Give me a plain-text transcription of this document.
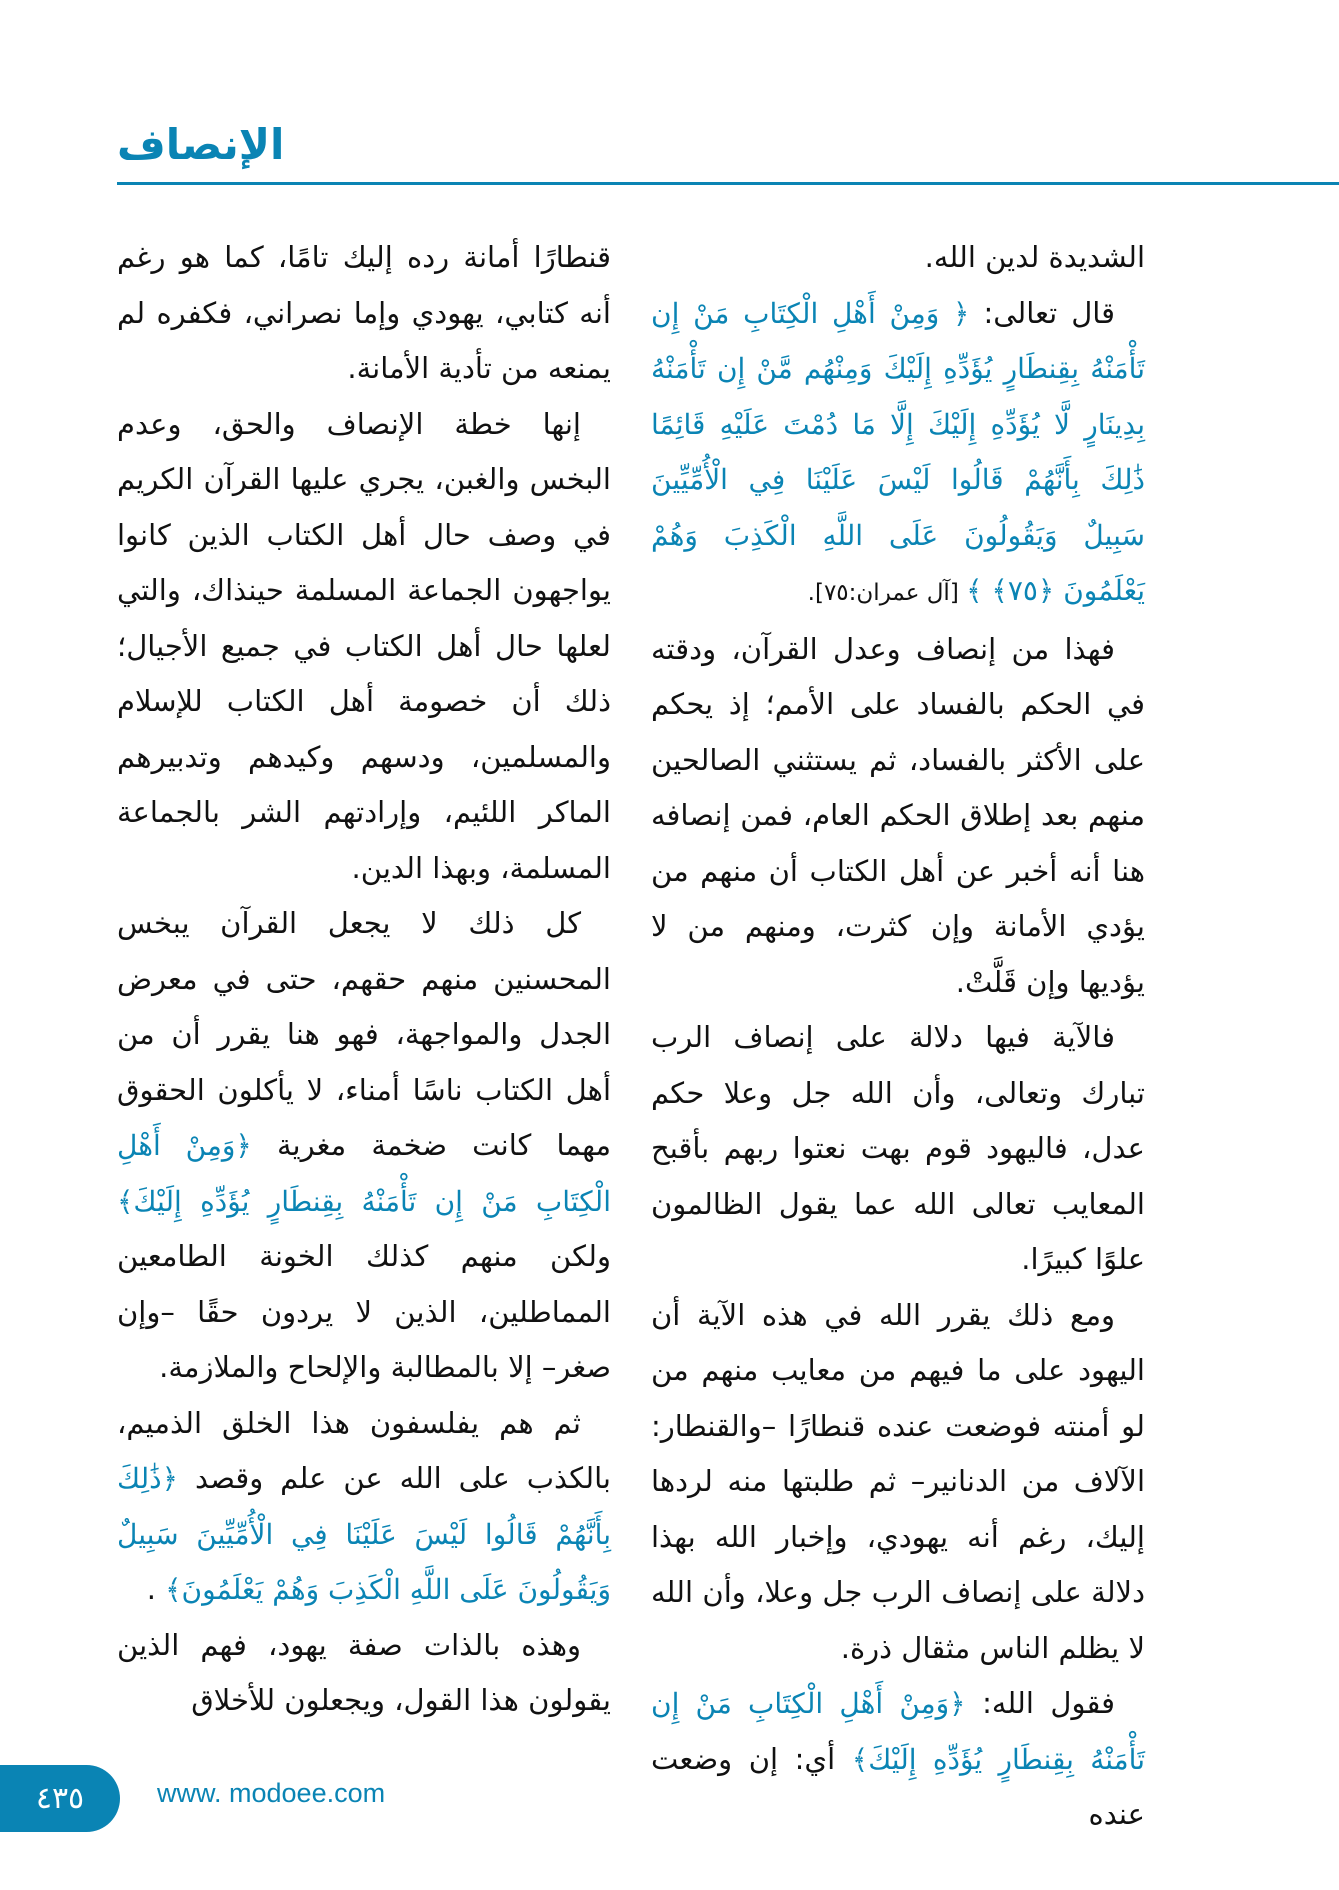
الإنصاف

الشديدة لدين الله.

قال تعالى: ﴿ وَمِنْ أَهْلِ الْكِتَابِ مَنْ إِن تَأْمَنْهُ بِقِنطَارٍ يُؤَدِّهِ إِلَيْكَ وَمِنْهُم مَّنْ إِن تَأْمَنْهُ بِدِينَارٍ لَّا يُؤَدِّهِ إِلَيْكَ إِلَّا مَا دُمْتَ عَلَيْهِ قَائِمًا ذَٰلِكَ بِأَنَّهُمْ قَالُوا لَيْسَ عَلَيْنَا فِي الْأُمِّيِّينَ سَبِيلٌ وَيَقُولُونَ عَلَى اللَّهِ الْكَذِبَ وَهُمْ يَعْلَمُونَ ﴿٧٥﴾ ﴾ [آل عمران:٧٥].

فهذا من إنصاف وعدل القرآن، ودقته في الحكم بالفساد على الأمم؛ إذ يحكم على الأكثر بالفساد، ثم يستثني الصالحين منهم بعد إطلاق الحكم العام، فمن إنصافه هنا أنه أخبر عن أهل الكتاب أن منهم من يؤدي الأمانة وإن كثرت، ومنهم من لا يؤديها وإن قَلَّتْ.

فالآية فيها دلالة على إنصاف الرب تبارك وتعالى، وأن الله جل وعلا حكم عدل، فاليهود قوم بهت نعتوا ربهم بأقبح المعايب تعالى الله عما يقول الظالمون علوًا كبيرًا.

ومع ذلك يقرر الله في هذه الآية أن اليهود على ما فيهم من معايب منهم من لو أمنته فوضعت عنده قنطارًا –والقنطار: الآلاف من الدنانير– ثم طلبتها منه لردها إليك، رغم أنه يهودي، وإخبار الله بهذا دلالة على إنصاف الرب جل وعلا، وأن الله لا يظلم الناس مثقال ذرة.

فقول الله: ﴿وَمِنْ أَهْلِ الْكِتَابِ مَنْ إِن تَأْمَنْهُ بِقِنطَارٍ يُؤَدِّهِ إِلَيْكَ﴾ أي: إن وضعت عنده

قنطارًا أمانة رده إليك تامًا، كما هو رغم أنه كتابي، يهودي وإما نصراني، فكفره لم يمنعه من تأدية الأمانة.

إنها خطة الإنصاف والحق، وعدم البخس والغبن، يجري عليها القرآن الكريم في وصف حال أهل الكتاب الذين كانوا يواجهون الجماعة المسلمة حينذاك، والتي لعلها حال أهل الكتاب في جميع الأجيال؛ ذلك أن خصومة أهل الكتاب للإسلام والمسلمين، ودسهم وكيدهم وتدبيرهم الماكر اللئيم، وإرادتهم الشر بالجماعة المسلمة، وبهذا الدين.

كل ذلك لا يجعل القرآن يبخس المحسنين منهم حقهم، حتى في معرض الجدل والمواجهة، فهو هنا يقرر أن من أهل الكتاب ناسًا أمناء، لا يأكلون الحقوق مهما كانت ضخمة مغرية ﴿وَمِنْ أَهْلِ الْكِتَابِ مَنْ إِن تَأْمَنْهُ بِقِنطَارٍ يُؤَدِّهِ إِلَيْكَ﴾ ولكن منهم كذلك الخونة الطامعين المماطلين، الذين لا يردون حقًا –وإن صغر– إلا بالمطالبة والإلحاح والملازمة.

ثم هم يفلسفون هذا الخلق الذميم، بالكذب على الله عن علم وقصد ﴿ذَٰلِكَ بِأَنَّهُمْ قَالُوا لَيْسَ عَلَيْنَا فِي الْأُمِّيِّينَ سَبِيلٌ وَيَقُولُونَ عَلَى اللَّهِ الْكَذِبَ وَهُمْ يَعْلَمُونَ﴾ .

وهذه بالذات صفة يهود، فهم الذين يقولون هذا القول، ويجعلون للأخلاق

٤٣٥	www. modoee.com
